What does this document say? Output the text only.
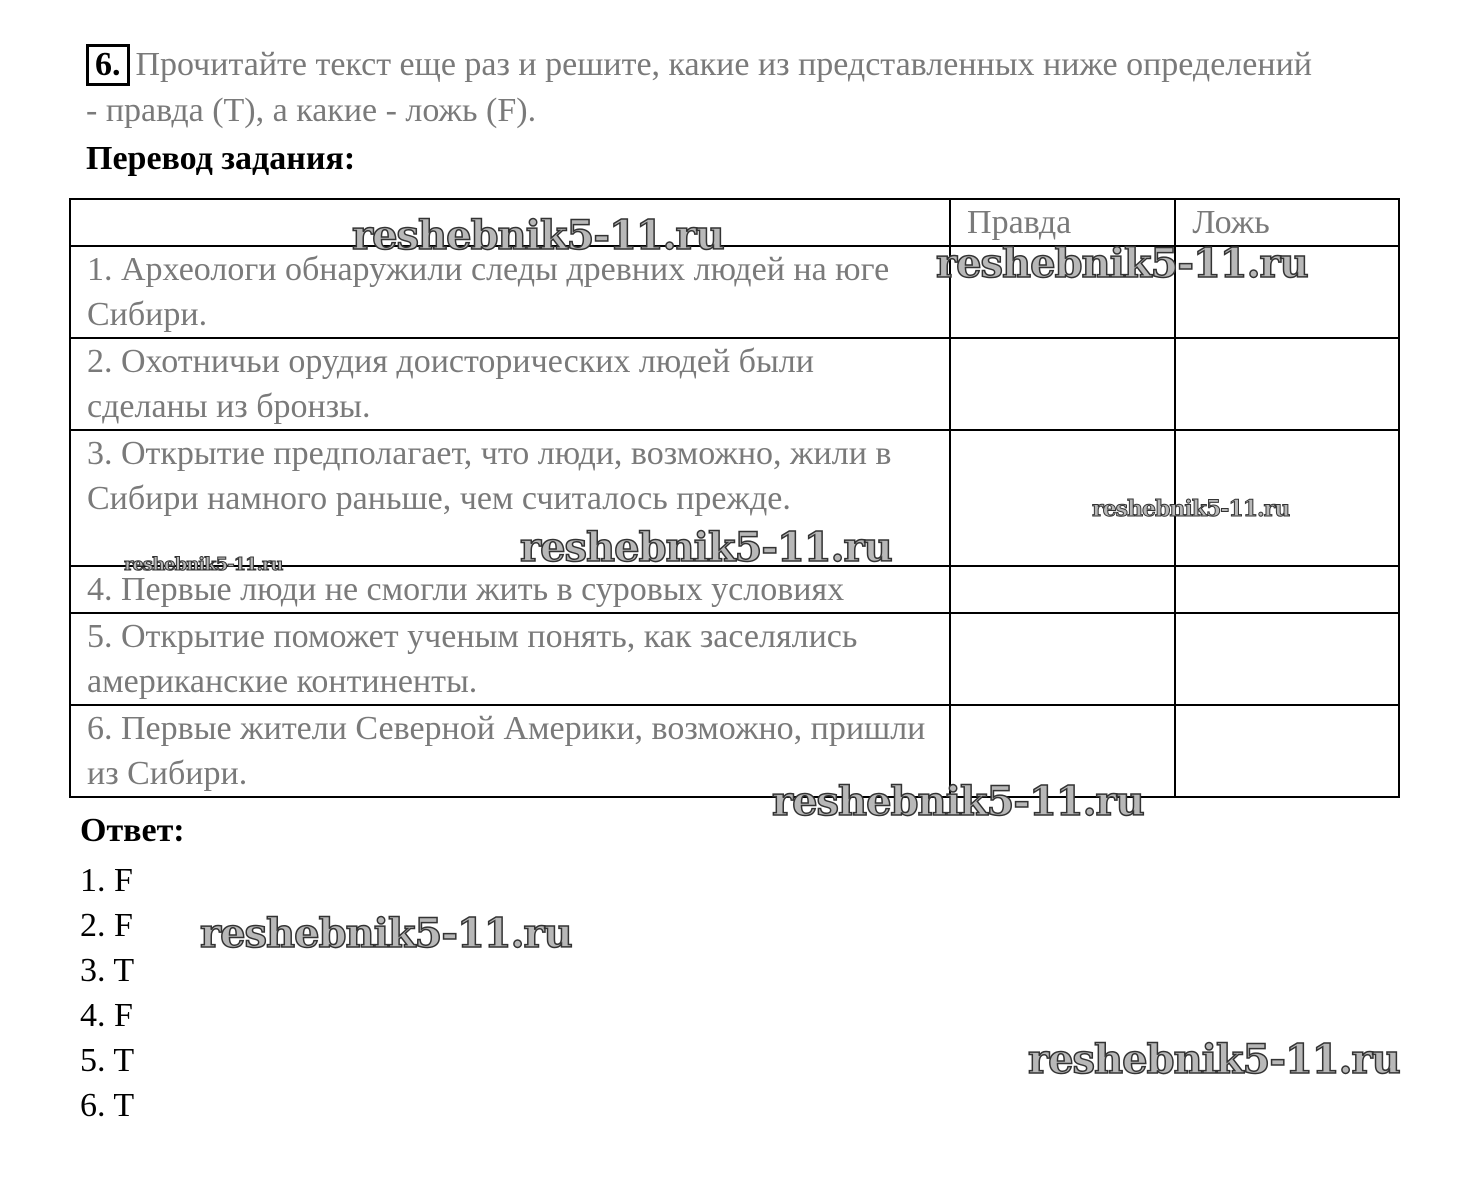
6. Прочитайте текст еще раз и решите, какие из представленных ниже определений - правда (T), а какие - ложь (F).
Перевод задания:
	Правда	Ложь
1. Археологи обнаружили следы древних людей на юге Сибири.		
2. Охотничьи орудия доисторических людей были сделаны из бронзы.		
3. Открытие предполагает, что люди, возможно, жили в Сибири намного раньше, чем считалось прежде.		
4. Первые люди не смогли жить в суровых условиях		
5. Открытие поможет ученым понять, как заселялись американские континенты.		
6. Первые жители Северной Америки, возможно, пришли из Сибири.		
Ответ:
1. F
2. F
3. T
4. F
5. T
6. T
reshebnik5-11.ru
reshebnik5-11.ru
reshebnik5-11.ru
reshebnik5-11.ru
reshebnik5-11.ru
reshebnik5-11.ru
reshebnik5-11.ru
reshebnik5-11.ru
